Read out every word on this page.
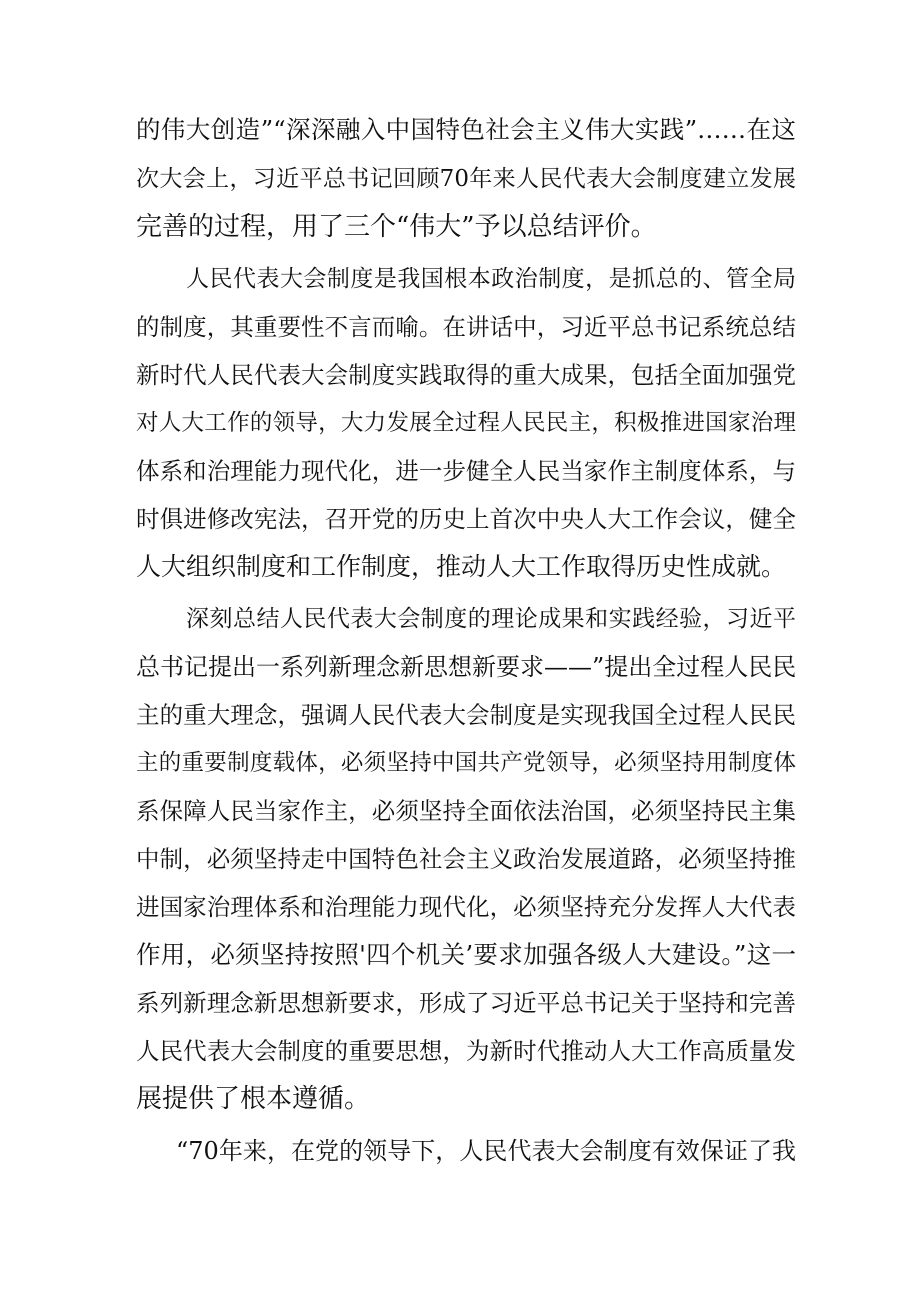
的伟大创造”“深深融入中国特色社会主义伟大实践”……在这
次大会上，习近平总书记回顾70年来人民代表大会制度建立发展
完善的过程，用了三个“伟大”予以总结评价。
人民代表大会制度是我国根本政治制度，是抓总的、管全局
的制度，其重要性不言而喻。在讲话中，习近平总书记系统总结
新时代人民代表大会制度实践取得的重大成果，包括全面加强党
对人大工作的领导，大力发展全过程人民民主，积极推进国家治理
体系和治理能力现代化，进一步健全人民当家作主制度体系，与
时俱进修改宪法，召开党的历史上首次中央人大工作会议，健全
人大组织制度和工作制度，推动人大工作取得历史性成就。
深刻总结人民代表大会制度的理论成果和实践经验，习近平
总书记提出一系列新理念新思想新要求——”提出全过程人民民
主的重大理念，强调人民代表大会制度是实现我国全过程人民民
主的重要制度载体，必须坚持中国共产党领导，必须坚持用制度体
系保障人民当家作主，必须坚持全面依法治国，必须坚持民主集
中制，必须坚持走中国特色社会主义政治发展道路，必须坚持推
进国家治理体系和治理能力现代化，必须坚持充分发挥人大代表
作用，必须坚持按照'四个机关’要求加强各级人大建设。”这一
系列新理念新思想新要求，形成了习近平总书记关于坚持和完善
人民代表大会制度的重要思想，为新时代推动人大工作高质量发
展提供了根本遵循。
“70年来，在党的领导下，人民代表大会制度有效保证了我
